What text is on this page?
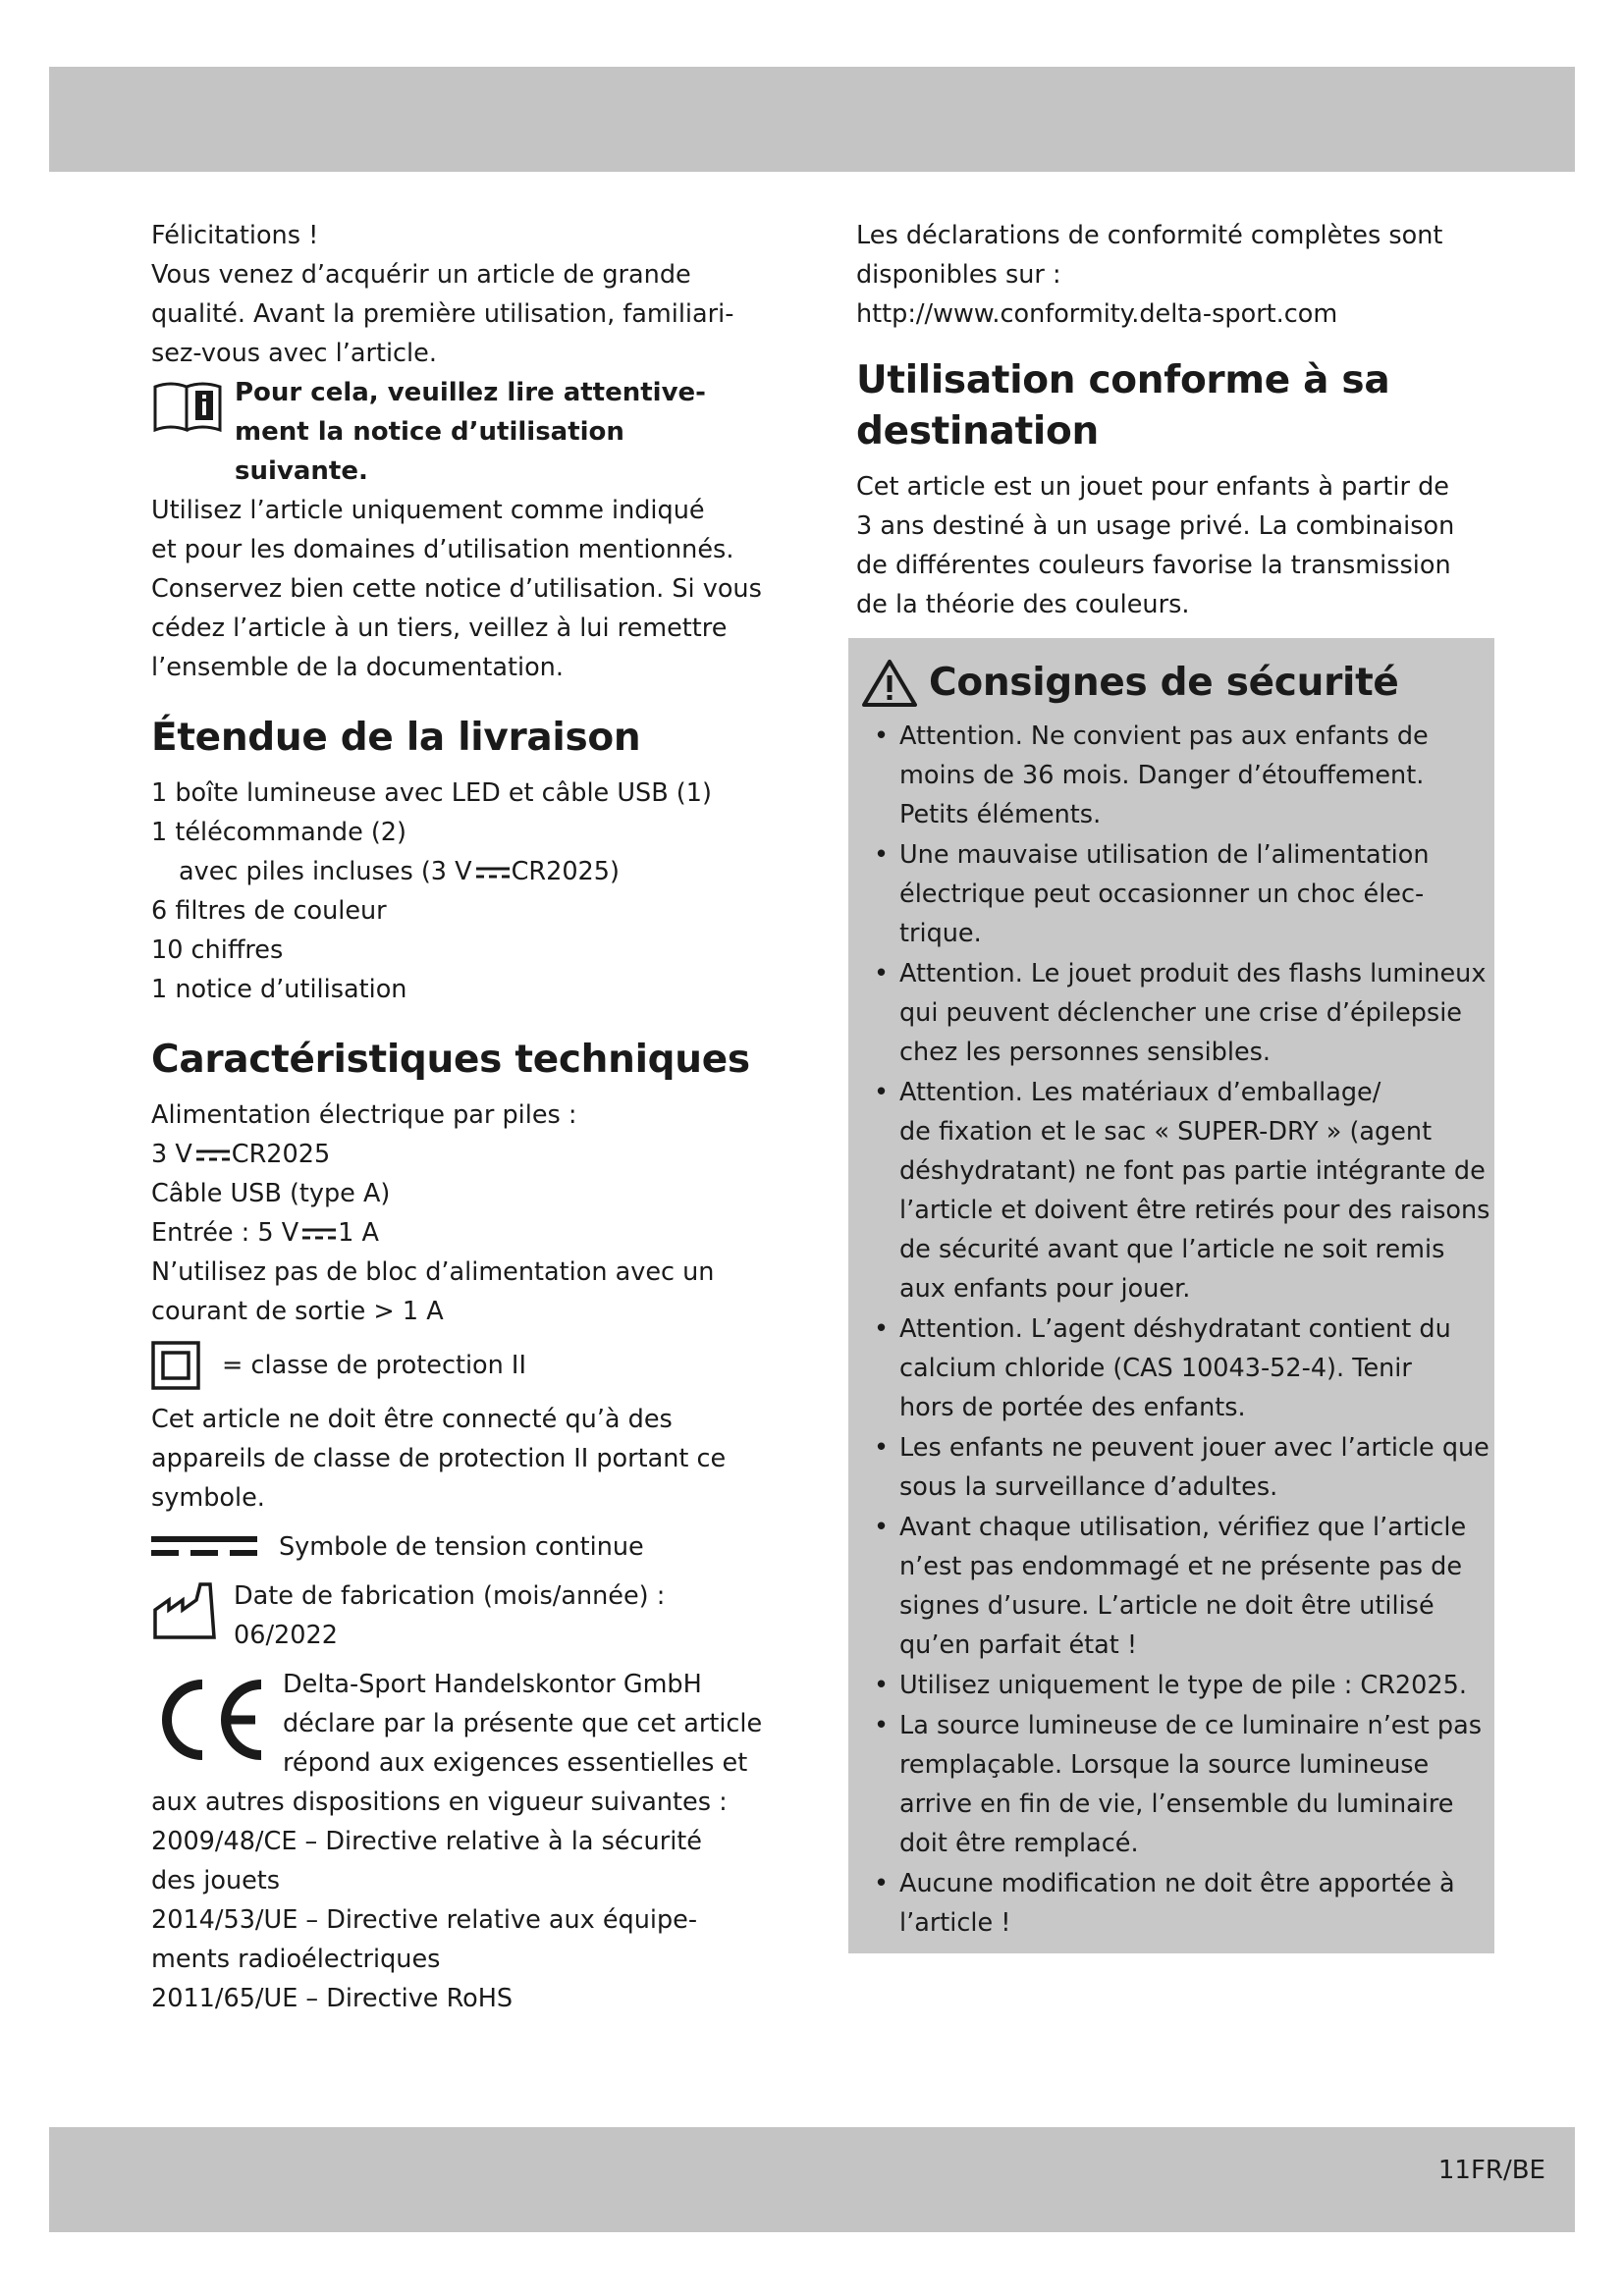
Félicitations !
Vous venez d’acquérir un article de grande
qualité. Avant la première utilisation, familiari-
sez-vous avec l’article.
Pour cela, veuillez lire attentive-
ment la notice d’utilisation
suivante.
Utilisez l’article uniquement comme indiqué
et pour les domaines d’utilisation mentionnés.
Conservez bien cette notice d’utilisation. Si vous
cédez l’article à un tiers, veillez à lui remettre
l’ensemble de la documentation.
Étendue de la livraison
1 boîte lumineuse avec LED et câble USB (1)
1 télécommande (2)
avec piles incluses (3 V CR2025)
6 filtres de couleur
10 chiffres
1 notice d’utilisation
Caractéristiques techniques
Alimentation électrique par piles :
3 V CR2025
Câble USB (type A)
Entrée : 5 V 1 A
N’utilisez pas de bloc d’alimentation avec un
courant de sortie > 1 A
= classe de protection II
Cet article ne doit être connecté qu’à des
appareils de classe de protection II portant ce
symbole.
Symbole de tension continue
Date de fabrication (mois/année) :
06/2022
Delta-Sport Handelskontor GmbH
déclare par la présente que cet article
répond aux exigences essentielles et
aux autres dispositions en vigueur suivantes :
2009/48/CE – Directive relative à la sécurité
des jouets
2014/53/UE – Directive relative aux équipe-
ments radioélectriques
2011/65/UE – Directive RoHS
Les déclarations de conformité complètes sont
disponibles sur :
http://www.conformity.delta-sport.com
Utilisation conforme à sa
destination
Cet article est un jouet pour enfants à partir de
3 ans destiné à un usage privé. La combinaison
de différentes couleurs favorise la transmission
de la théorie des couleurs.
Consignes de sécurité
• Attention. Ne convient pas aux enfants de
moins de 36 mois. Danger d’étouffement.
Petits éléments.
• Une mauvaise utilisation de l’alimentation
électrique peut occasionner un choc élec-
trique.
• Attention. Le jouet produit des flashs lumineux
qui peuvent déclencher une crise d’épilepsie
chez les personnes sensibles.
• Attention. Les matériaux d’emballage/
de fixation et le sac « SUPER-DRY » (agent
déshydratant) ne font pas partie intégrante de
l’article et doivent être retirés pour des raisons
de sécurité avant que l’article ne soit remis
aux enfants pour jouer.
• Attention. L’agent déshydratant contient du
calcium chloride (CAS 10043-52-4). Tenir
hors de portée des enfants.
• Les enfants ne peuvent jouer avec l’article que
sous la surveillance d’adultes.
• Avant chaque utilisation, vérifiez que l’article
n’est pas endommagé et ne présente pas de
signes d’usure. L’article ne doit être utilisé
qu’en parfait état !
• Utilisez uniquement le type de pile : CR2025.
• La source lumineuse de ce luminaire n’est pas
remplaçable. Lorsque la source lumineuse
arrive en fin de vie, l’ensemble du luminaire
doit être remplacé.
• Aucune modification ne doit être apportée à
l’article !
11FR/BE
